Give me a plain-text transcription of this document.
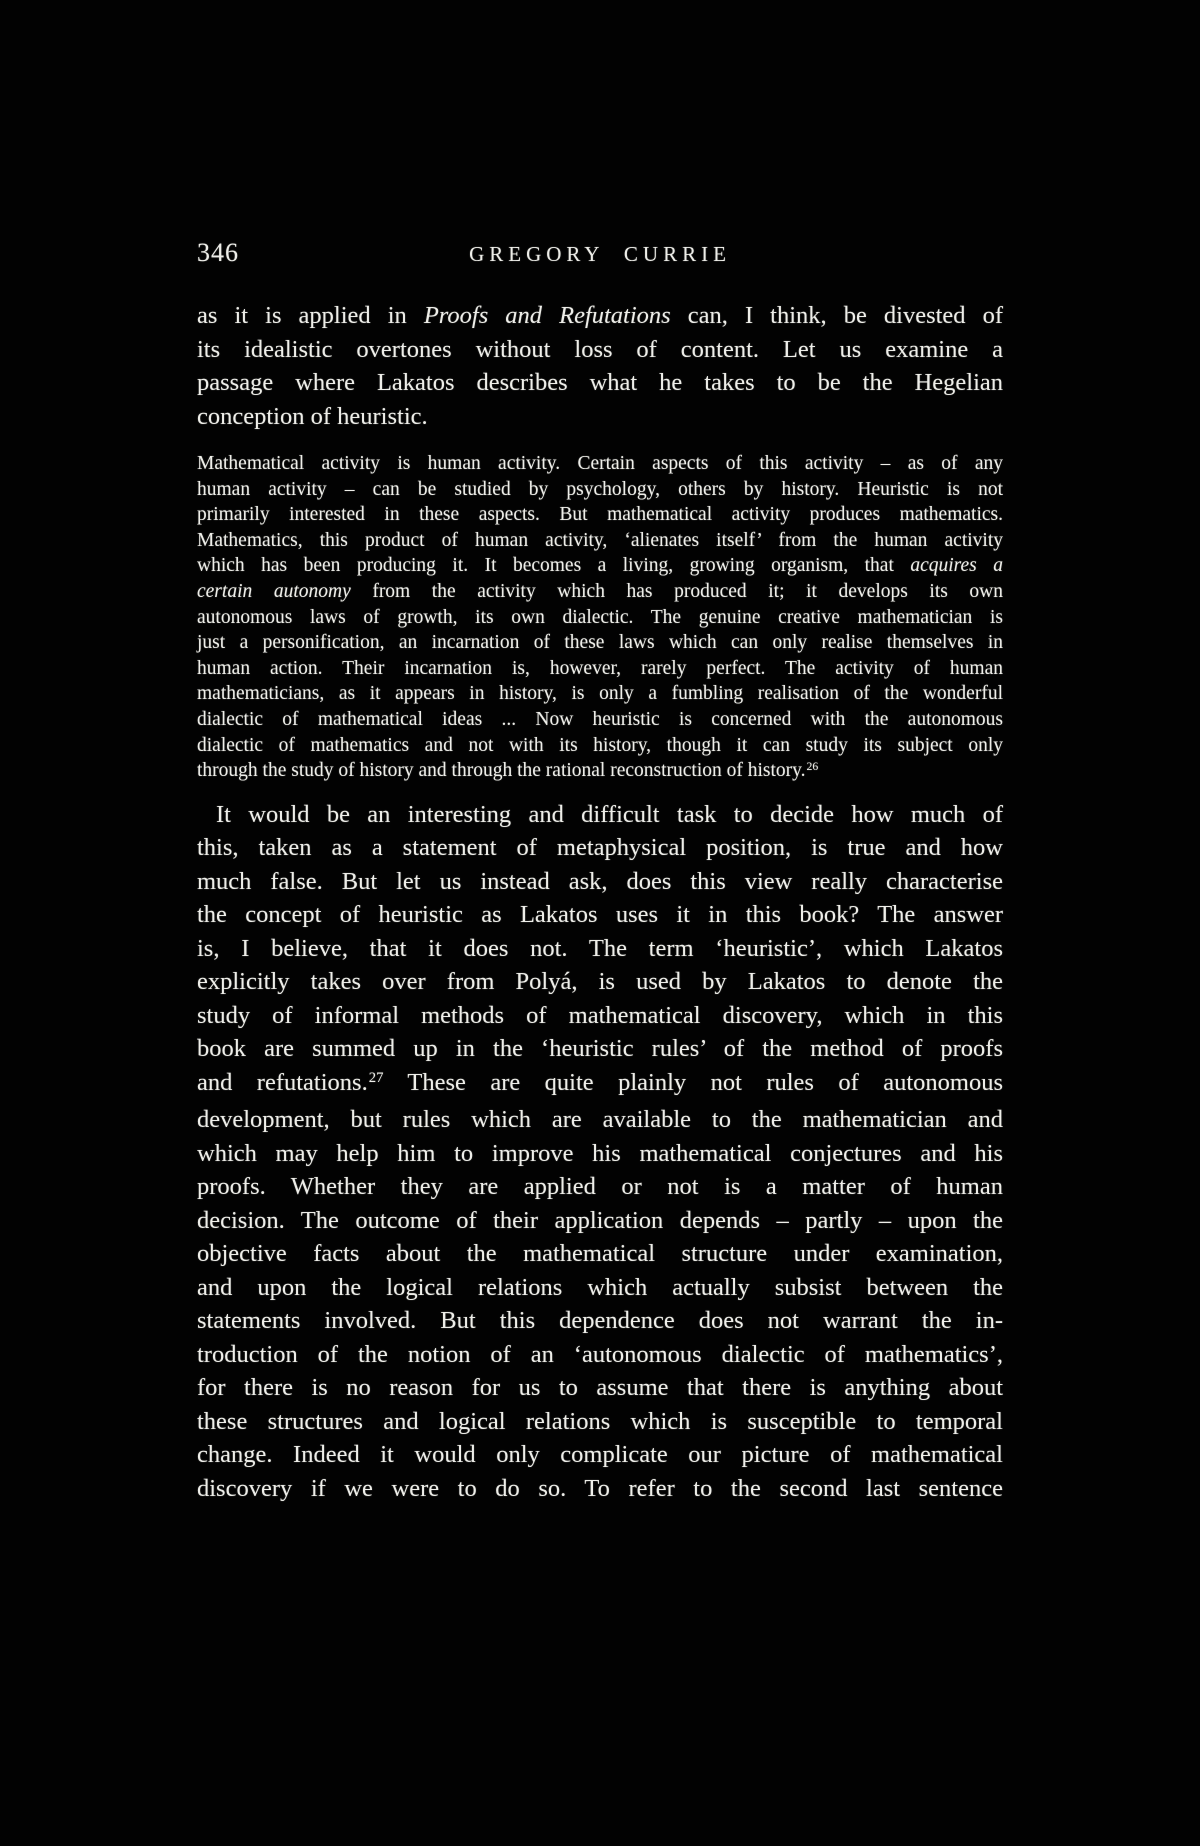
346	GREGORY CURRIE
as it is applied in Proofs and Refutations can, I think, be divested of
its idealistic overtones without loss of content. Let us examine a
passage where Lakatos describes what he takes to be the Hegelian
conception of heuristic.
Mathematical activity is human activity. Certain aspects of this activity – as of any
human activity – can be studied by psychology, others by history. Heuristic is not
primarily interested in these aspects. But mathematical activity produces mathematics.
Mathematics, this product of human activity, ‘alienates itself’ from the human activity
which has been producing it. It becomes a living, growing organism, that acquires a
certain autonomy from the activity which has produced it; it develops its own
autonomous laws of growth, its own dialectic. The genuine creative mathematician is
just a personification, an incarnation of these laws which can only realise themselves in
human action. Their incarnation is, however, rarely perfect. The activity of human
mathematicians, as it appears in history, is only a fumbling realisation of the wonderful
dialectic of mathematical ideas ... Now heuristic is concerned with the autonomous
dialectic of mathematics and not with its history, though it can study its subject only
through the study of history and through the rational reconstruction of history.$^{26}$
It would be an interesting and difficult task to decide how much of
this, taken as a statement of metaphysical position, is true and how
much false. But let us instead ask, does this view really characterise
the concept of heuristic as Lakatos uses it in this book? The answer
is, I believe, that it does not. The term ‘heuristic’, which Lakatos
explicitly takes over from Polyá, is used by Lakatos to denote the
study of informal methods of mathematical discovery, which in this
book are summed up in the ‘heuristic rules’ of the method of proofs
and refutations.$^{27}$ These are quite plainly not rules of autonomous
development, but rules which are available to the mathematician and
which may help him to improve his mathematical conjectures and his
proofs. Whether they are applied or not is a matter of human
decision. The outcome of their application depends – partly – upon the
objective facts about the mathematical structure under examination,
and upon the logical relations which actually subsist between the
statements involved. But this dependence does not warrant the in-
troduction of the notion of an ‘autonomous dialectic of mathematics’,
for there is no reason for us to assume that there is anything about
these structures and logical relations which is susceptible to temporal
change. Indeed it would only complicate our picture of mathematical
discovery if we were to do so. To refer to the second last sentence
